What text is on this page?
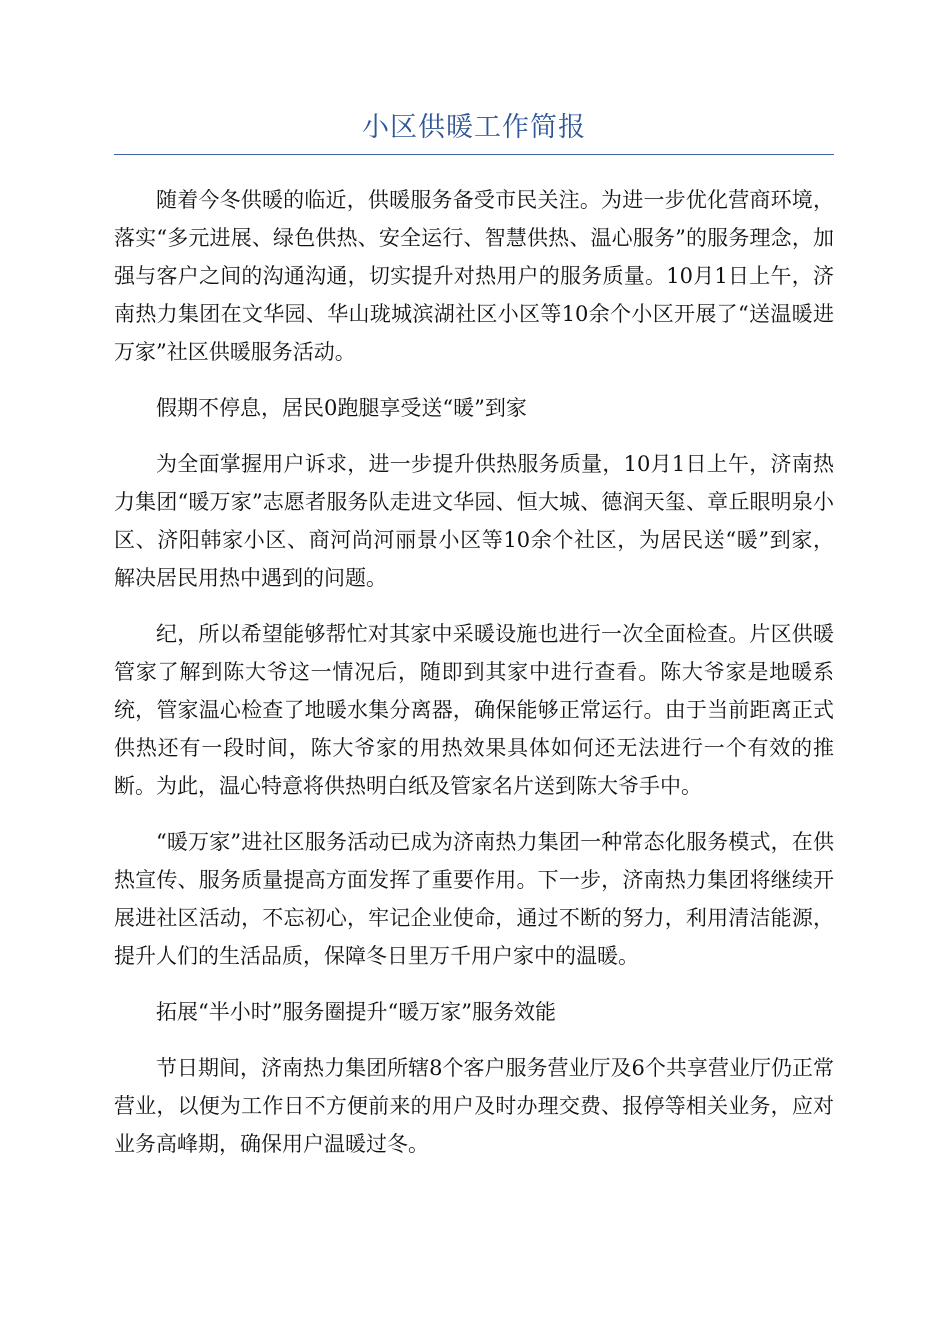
小区供暖工作简报

随着今冬供暖的临近，供暖服务备受市民关注。为进一步优化营商环境，落实“多元进展、绿色供热、安全运行、智慧供热、温心服务”的服务理念，加强与客户之间的沟通沟通，切实提升对热用户的服务质量。10月1日上午，济南热力集团在文华园、华山珑城滨湖社区小区等10余个小区开展了“送温暖进万家”社区供暖服务活动。

假期不停息，居民0跑腿享受送“暖”到家

为全面掌握用户诉求，进一步提升供热服务质量，10月1日上午，济南热力集团“暖万家”志愿者服务队走进文华园、恒大城、德润天玺、章丘眼明泉小区、济阳韩家小区、商河尚河丽景小区等10余个社区，为居民送“暖”到家，解决居民用热中遇到的问题。

纪，所以希望能够帮忙对其家中采暖设施也进行一次全面检查。片区供暖管家了解到陈大爷这一情况后，随即到其家中进行查看。陈大爷家是地暖系统，管家温心检查了地暖水集分离器，确保能够正常运行。由于当前距离正式供热还有一段时间，陈大爷家的用热效果具体如何还无法进行一个有效的推断。为此，温心特意将供热明白纸及管家名片送到陈大爷手中。

“暖万家”进社区服务活动已成为济南热力集团一种常态化服务模式，在供热宣传、服务质量提高方面发挥了重要作用。下一步，济南热力集团将继续开展进社区活动，不忘初心，牢记企业使命，通过不断的努力，利用清洁能源，提升人们的生活品质，保障冬日里万千用户家中的温暖。

拓展“半小时”服务圈提升“暖万家”服务效能

节日期间，济南热力集团所辖8个客户服务营业厅及6个共享营业厅仍正常营业，以便为工作日不方便前来的用户及时办理交费、报停等相关业务，应对业务高峰期，确保用户温暖过冬。
